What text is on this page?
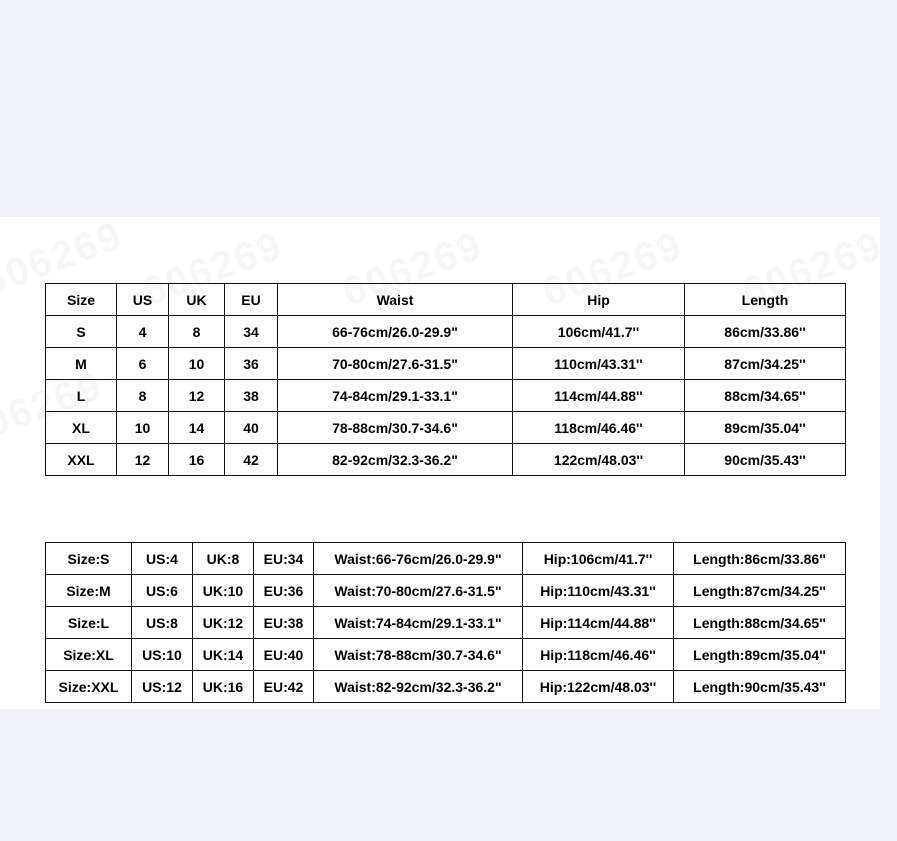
Size	US	UK	EU	Waist	Hip	Length
S	4	8	34	66-76cm/26.0-29.9"	106cm/41.7''	86cm/33.86''
M	6	10	36	70-80cm/27.6-31.5"	110cm/43.31''	87cm/34.25''
L	8	12	38	74-84cm/29.1-33.1"	114cm/44.88''	88cm/34.65''
XL	10	14	40	78-88cm/30.7-34.6"	118cm/46.46''	89cm/35.04''
XXL	12	16	42	82-92cm/32.3-36.2"	122cm/48.03''	90cm/35.43''
Size:S	US:4	UK:8	EU:34	Waist:66-76cm/26.0-29.9"	Hip:106cm/41.7''	Length:86cm/33.86''
Size:M	US:6	UK:10	EU:36	Waist:70-80cm/27.6-31.5"	Hip:110cm/43.31''	Length:87cm/34.25''
Size:L	US:8	UK:12	EU:38	Waist:74-84cm/29.1-33.1"	Hip:114cm/44.88''	Length:88cm/34.65''
Size:XL	US:10	UK:14	EU:40	Waist:78-88cm/30.7-34.6"	Hip:118cm/46.46''	Length:89cm/35.04''
Size:XXL	US:12	UK:16	EU:42	Waist:82-92cm/32.3-36.2"	Hip:122cm/48.03''	Length:90cm/35.43''
